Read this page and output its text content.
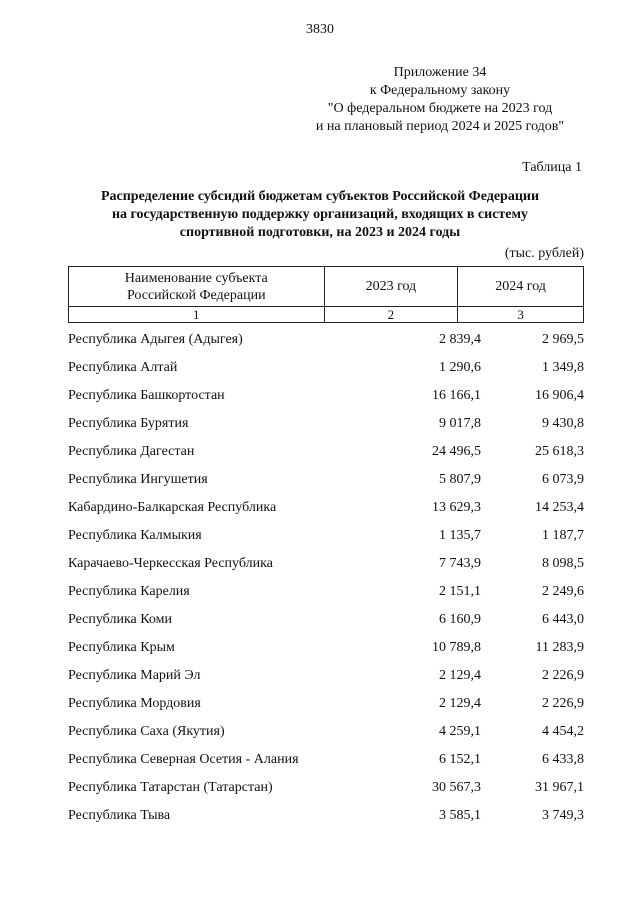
3830
Приложение 34
к Федеральному закону
"О федеральном бюджете на 2023 год
и на плановый период 2024 и 2025 годов"
Таблица 1
Распределение субсидий бюджетам субъектов Российской Федерации
на государственную поддержку организаций, входящих в систему
спортивной подготовки, на 2023 и 2024 годы
(тыс. рублей)
Наименование субъекта
Российской Федерации	2023 год	2024 год
1	2	3
Республика Адыгея (Адыгея)	2 839,4	2 969,5
Республика Алтай	1 290,6	1 349,8
Республика Башкортостан	16 166,1	16 906,4
Республика Бурятия	9 017,8	9 430,8
Республика Дагестан	24 496,5	25 618,3
Республика Ингушетия	5 807,9	6 073,9
Кабардино-Балкарская Республика	13 629,3	14 253,4
Республика Калмыкия	1 135,7	1 187,7
Карачаево-Черкесская Республика	7 743,9	8 098,5
Республика Карелия	2 151,1	2 249,6
Республика Коми	6 160,9	6 443,0
Республика Крым	10 789,8	11 283,9
Республика Марий Эл	2 129,4	2 226,9
Республика Мордовия	2 129,4	2 226,9
Республика Саха (Якутия)	4 259,1	4 454,2
Республика Северная Осетия - Алания	6 152,1	6 433,8
Республика Татарстан (Татарстан)	30 567,3	31 967,1
Республика Тыва	3 585,1	3 749,3
